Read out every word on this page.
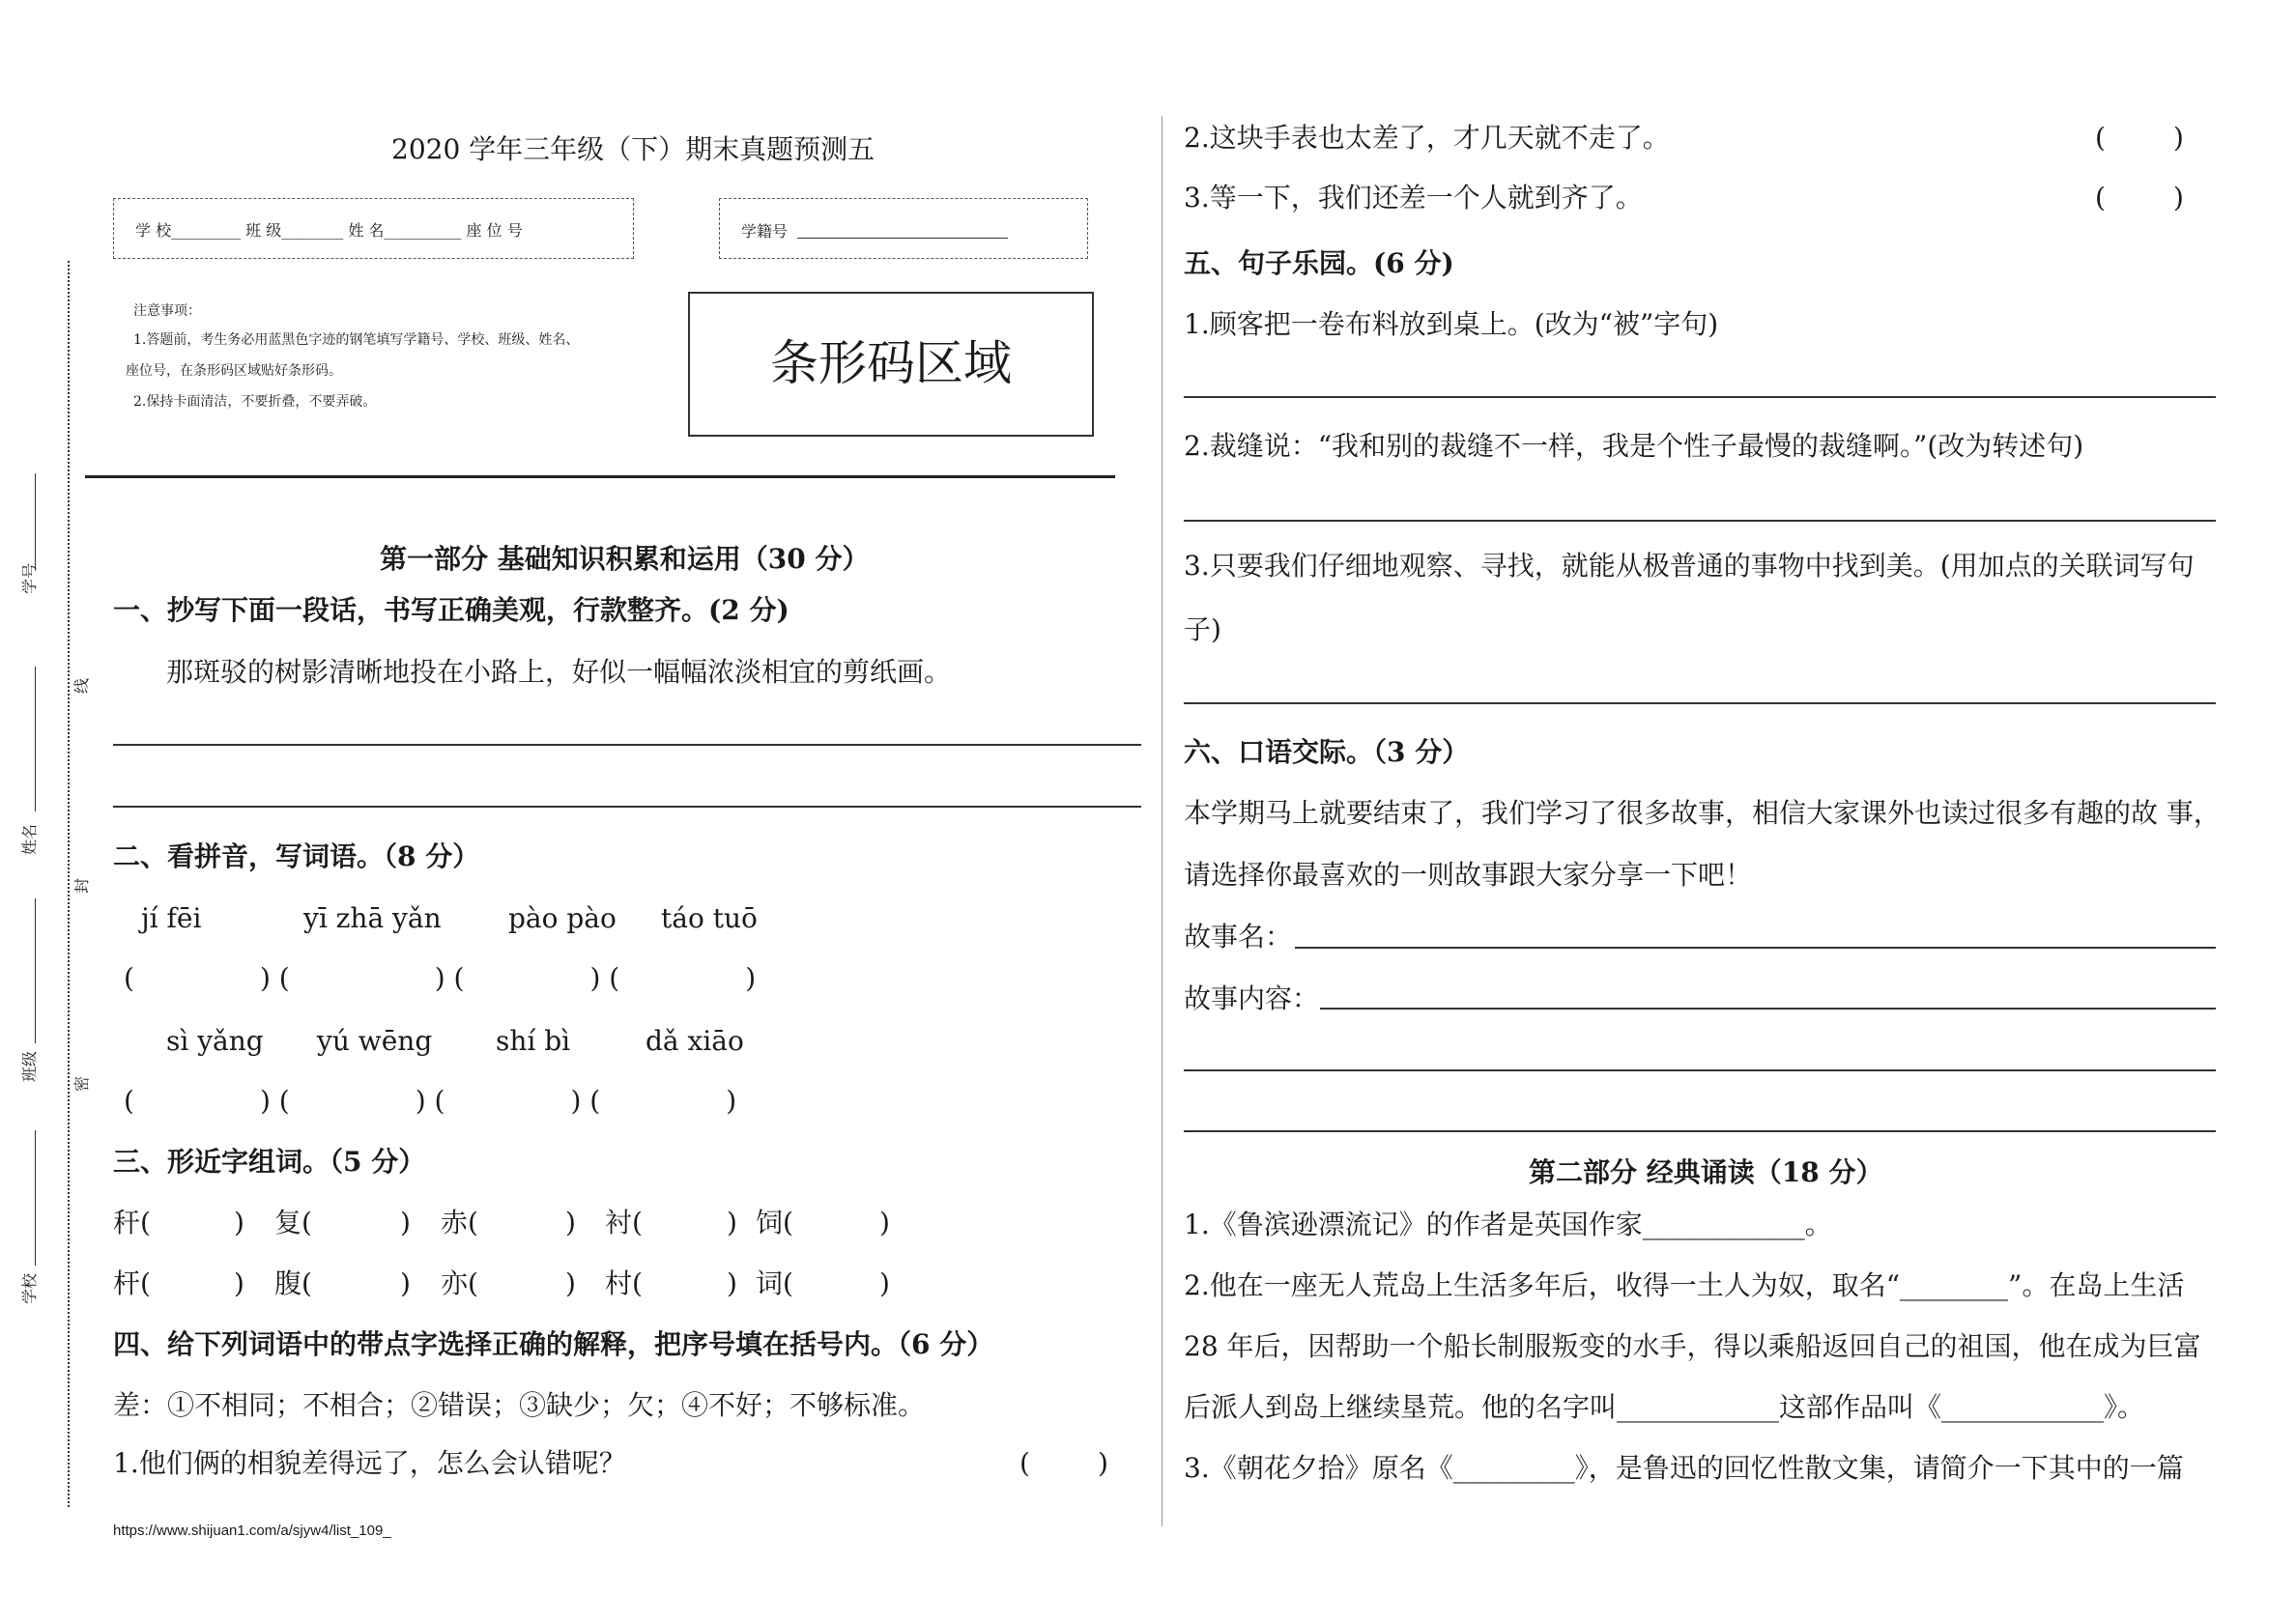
学号
姓名
班级
学校
线
封
密
2020 学年三年级（下）期末真题预测五
学 校_________ 班 级________ 姓 名__________ 座 位 号	学籍号
注意事项：
1.答题前，考生务必用蓝黑色字迹的钢笔填写学籍号、学校、班级、姓名、
座位号，在条形码区域贴好条形码。
2.保持卡面清洁，不要折叠，不要弄破。
条形码区域
第一部分 基础知识积累和运用（30 分）
一、抄写下面一段话，书写正确美观，行款整齐。(2 分)
那斑驳的树影清晰地投在小路上，好似一幅幅浓淡相宜的剪纸画。
二、看拼音，写词语。（8 分）
jí fēi	yī zhā yǎn pào pào táo tuō
(	) (	) (	) (	)
sì yǎng yú wēng shí bì	dǎ xiāo
(	) (	) (	) (	)
三、形近字组词。（5 分）
秆(	) 复(	) 赤(	) 衬(	) 饲(	)
杆(	) 腹(	) 亦(	) 村(	) 词(	)
四、给下列词语中的带点字选择正确的解释，把序号填在括号内。（6 分）
差：①不相同；不相合；②错误；③缺少；欠；④不好；不够标准。
1.他们俩的相貌差得远了，怎么会认错呢？	(	)
https://www.shijuan1.com/a/sjyw4/list_109_
2.这块手表也太差了，才几天就不走了。	(	)
3.等一下，我们还差一个人就到齐了。	(	)
五、句子乐园。(6 分)
1.顾客把一卷布料放到桌上。(改为“被”字句)
2.裁缝说：“我和别的裁缝不一样，我是个性子最慢的裁缝啊。”(改为转述句)
3.只要我们仔细地观察、寻找，就能从极普通的事物中找到美。(用加点的关联词写句
子)
六、口语交际。（3 分）
本学期马上就要结束了，我们学习了很多故事，相信大家课外也读过很多有趣的故 事，
请选择你最喜欢的一则故事跟大家分享一下吧！
故事名：
故事内容：
第二部分 经典诵读（18 分）
1.《鲁滨逊漂流记》的作者是英国作家____________。
2.他在一座无人荒岛上生活多年后，收得一土人为奴，取名“________”。在岛上生活
28 年后，因帮助一个船长制服叛变的水手，得以乘船返回自己的祖国，他在成为巨富
后派人到岛上继续垦荒。他的名字叫____________这部作品叫《____________》。
3.《朝花夕拾》原名《_________》，是鲁迅的回忆性散文集，请简介一下其中的一篇
